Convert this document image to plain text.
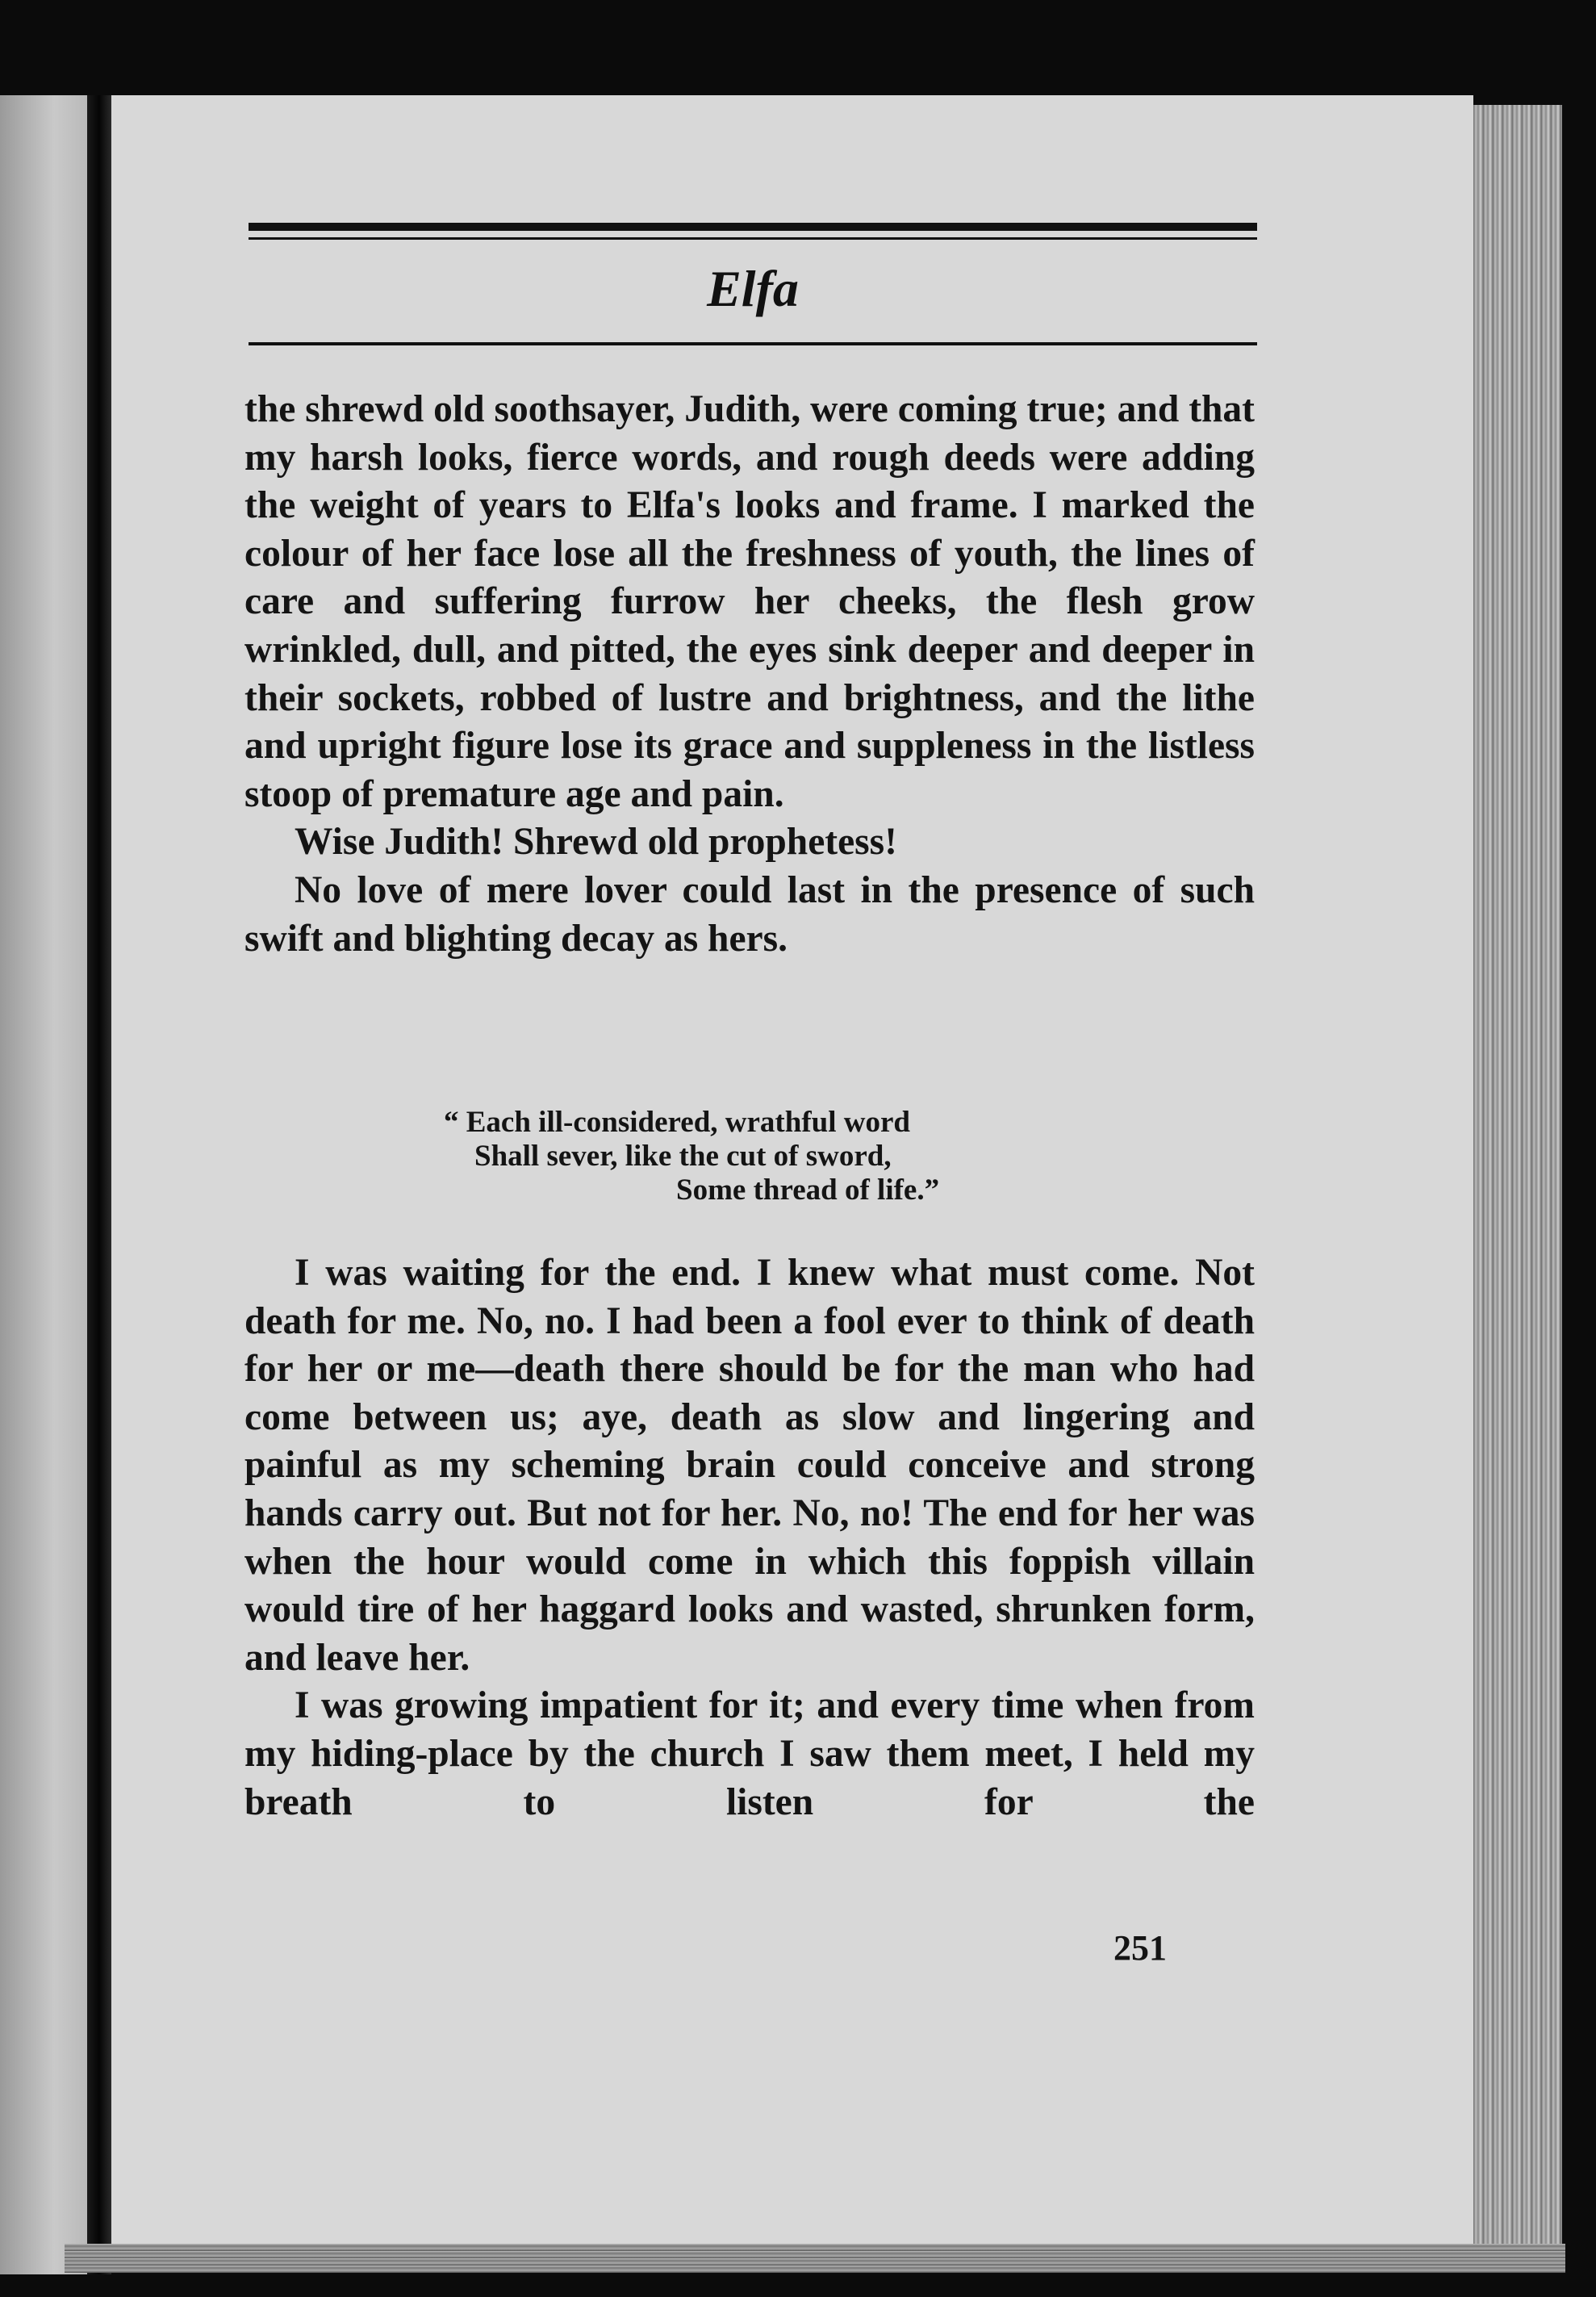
Elfa

the shrewd old soothsayer, Judith, were coming true; and that my harsh looks, fierce words, and rough deeds were adding the weight of years to Elfa's looks and frame. I marked the colour of her face lose all the freshness of youth, the lines of care and suffering furrow her cheeks, the flesh grow wrinkled, dull, and pitted, the eyes sink deeper and deeper in their sockets, robbed of lustre and brightness, and the lithe and upright figure lose its grace and suppleness in the listless stoop of premature age and pain.

Wise Judith! Shrewd old prophetess!

No love of mere lover could last in the presence of such swift and blighting decay as hers.

“ Each ill-considered, wrathful word
Shall sever, like the cut of sword,
Some thread of life.”

I was waiting for the end. I knew what must come. Not death for me. No, no. I had been a fool ever to think of death for her or me—death there should be for the man who had come between us; aye, death as slow and lingering and painful as my scheming brain could conceive and strong hands carry out. But not for her. No, no! The end for her was when the hour would come in which this foppish villain would tire of her haggard looks and wasted, shrunken form, and leave her.

I was growing impatient for it; and every time when from my hiding-place by the church I saw them meet, I held my breath to listen for the

251
